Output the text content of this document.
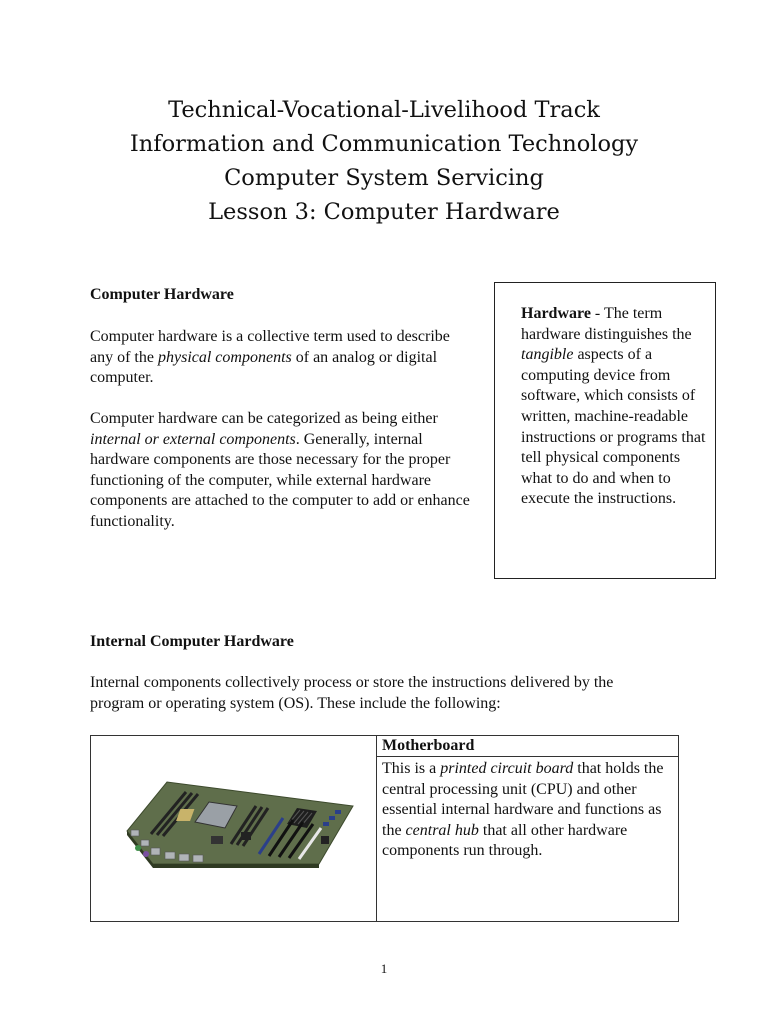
Technical-Vocational-Livelihood Track
Information and Communication Technology
Computer System Servicing
Lesson 3: Computer Hardware
Computer Hardware

Computer hardware is a collective term used to describe any of the physical components of an analog or digital computer.

Computer hardware can be categorized as being either internal or external components. Generally, internal hardware components are those necessary for the proper functioning of the computer, while external hardware components are attached to the computer to add or enhance functionality.

Hardware - The term hardware distinguishes the tangible aspects of a computing device from software, which consists of written, machine-readable instructions or programs that tell physical components what to do and when to execute the instructions.
Internal Computer Hardware
Internal components collectively process or store the instructions delivered by the program or operating system (OS). These include the following:
	Motherboard
This is a printed circuit board that holds the central processing unit (CPU) and other essential internal hardware and functions as the central hub that all other hardware components run through.
1
